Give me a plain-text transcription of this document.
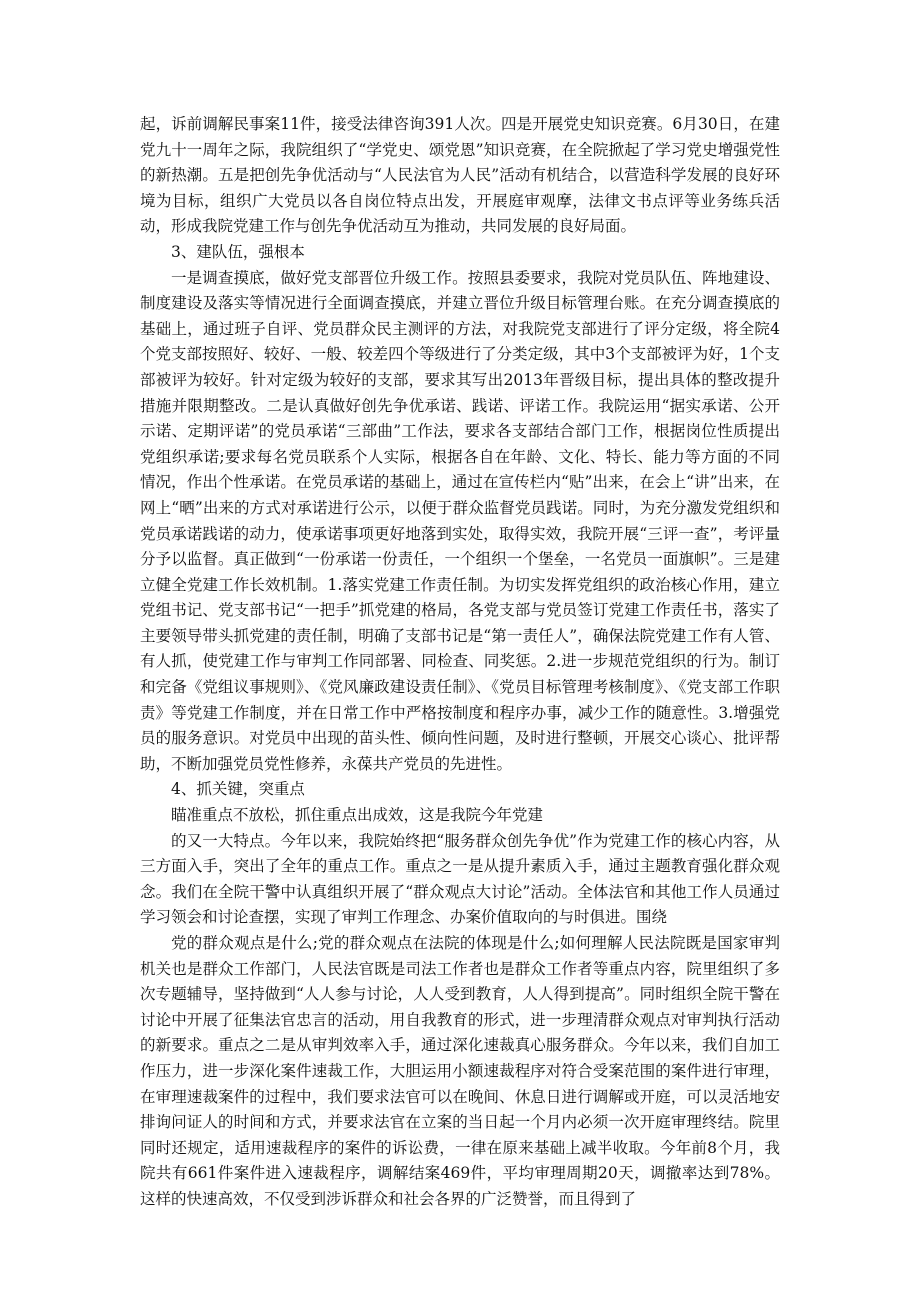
起，诉前调解民事案11件，接受法律咨询391人次。四是开展党史知识竞赛。6月30日，在建党九十一周年之际，我院组织了“学党史、颂党恩”知识竞赛，在全院掀起了学习党史增强党性的新热潮。五是把创先争优活动与“人民法官为人民”活动有机结合，以营造科学发展的良好环境为目标，组织广大党员以各自岗位特点出发，开展庭审观摩，法律文书点评等业务练兵活动，形成我院党建工作与创先争优活动互为推动，共同发展的良好局面。

3、建队伍，强根本

一是调查摸底，做好党支部晋位升级工作。按照县委要求，我院对党员队伍、阵地建设、制度建设及落实等情况进行全面调查摸底，并建立晋位升级目标管理台账。在充分调查摸底的基础上，通过班子自评、党员群众民主测评的方法，对我院党支部进行了评分定级，将全院4个党支部按照好、较好、一般、较差四个等级进行了分类定级，其中3个支部被评为好，1个支部被评为较好。针对定级为较好的支部，要求其写出2013年晋级目标，提出具体的整改提升措施并限期整改。二是认真做好创先争优承诺、践诺、评诺工作。我院运用“据实承诺、公开示诺、定期评诺”的党员承诺“三部曲”工作法，要求各支部结合部门工作，根据岗位性质提出党组织承诺;要求每名党员联系个人实际，根据各自在年龄、文化、特长、能力等方面的不同情况，作出个性承诺。在党员承诺的基础上，通过在宣传栏内“贴”出来，在会上“讲”出来，在网上“晒”出来的方式对承诺进行公示，以便于群众监督党员践诺。同时，为充分激发党组织和党员承诺践诺的动力，使承诺事项更好地落到实处，取得实效，我院开展“三评一查”，考评量分予以监督。真正做到“一份承诺一份责任，一个组织一个堡垒，一名党员一面旗帜”。三是建立健全党建工作长效机制。1.落实党建工作责任制。为切实发挥党组织的政治核心作用，建立党组书记、党支部书记“一把手”抓党建的格局，各党支部与党员签订党建工作责任书，落实了主要领导带头抓党建的责任制，明确了支部书记是“第一责任人”，确保法院党建工作有人管、有人抓，使党建工作与审判工作同部署、同检查、同奖惩。2.进一步规范党组织的行为。制订和完备《党组议事规则》、《党风廉政建设责任制》、《党员目标管理考核制度》、《党支部工作职责》等党建工作制度，并在日常工作中严格按制度和程序办事，减少工作的随意性。3.增强党员的服务意识。对党员中出现的苗头性、倾向性问题，及时进行整顿，开展交心谈心、批评帮助，不断加强党员党性修养，永葆共产党员的先进性。

4、抓关键，突重点

瞄准重点不放松，抓住重点出成效，这是我院今年党建

的又一大特点。今年以来，我院始终把“服务群众创先争优”作为党建工作的核心内容，从三方面入手，突出了全年的重点工作。重点之一是从提升素质入手，通过主题教育强化群众观念。我们在全院干警中认真组织开展了“群众观点大讨论”活动。全体法官和其他工作人员通过学习领会和讨论查摆，实现了审判工作理念、办案价值取向的与时俱进。围绕

党的群众观点是什么;党的群众观点在法院的体现是什么;如何理解人民法院既是国家审判机关也是群众工作部门，人民法官既是司法工作者也是群众工作者等重点内容，院里组织了多次专题辅导，坚持做到“人人参与讨论，人人受到教育，人人得到提高”。同时组织全院干警在讨论中开展了征集法官忠言的活动，用自我教育的形式，进一步理清群众观点对审判执行活动的新要求。重点之二是从审判效率入手，通过深化速裁真心服务群众。今年以来，我们自加工作压力，进一步深化案件速裁工作，大胆运用小额速裁程序对符合受案范围的案件进行审理，在审理速裁案件的过程中，我们要求法官可以在晚间、休息日进行调解或开庭，可以灵活地安排询问证人的时间和方式，并要求法官在立案的当日起一个月内必须一次开庭审理终结。院里同时还规定，适用速裁程序的案件的诉讼费，一律在原来基础上减半收取。今年前8个月，我院共有661件案件进入速裁程序，调解结案469件，平均审理周期20天，调撤率达到78%。这样的快速高效，不仅受到涉诉群众和社会各界的广泛赞誉，而且得到了
